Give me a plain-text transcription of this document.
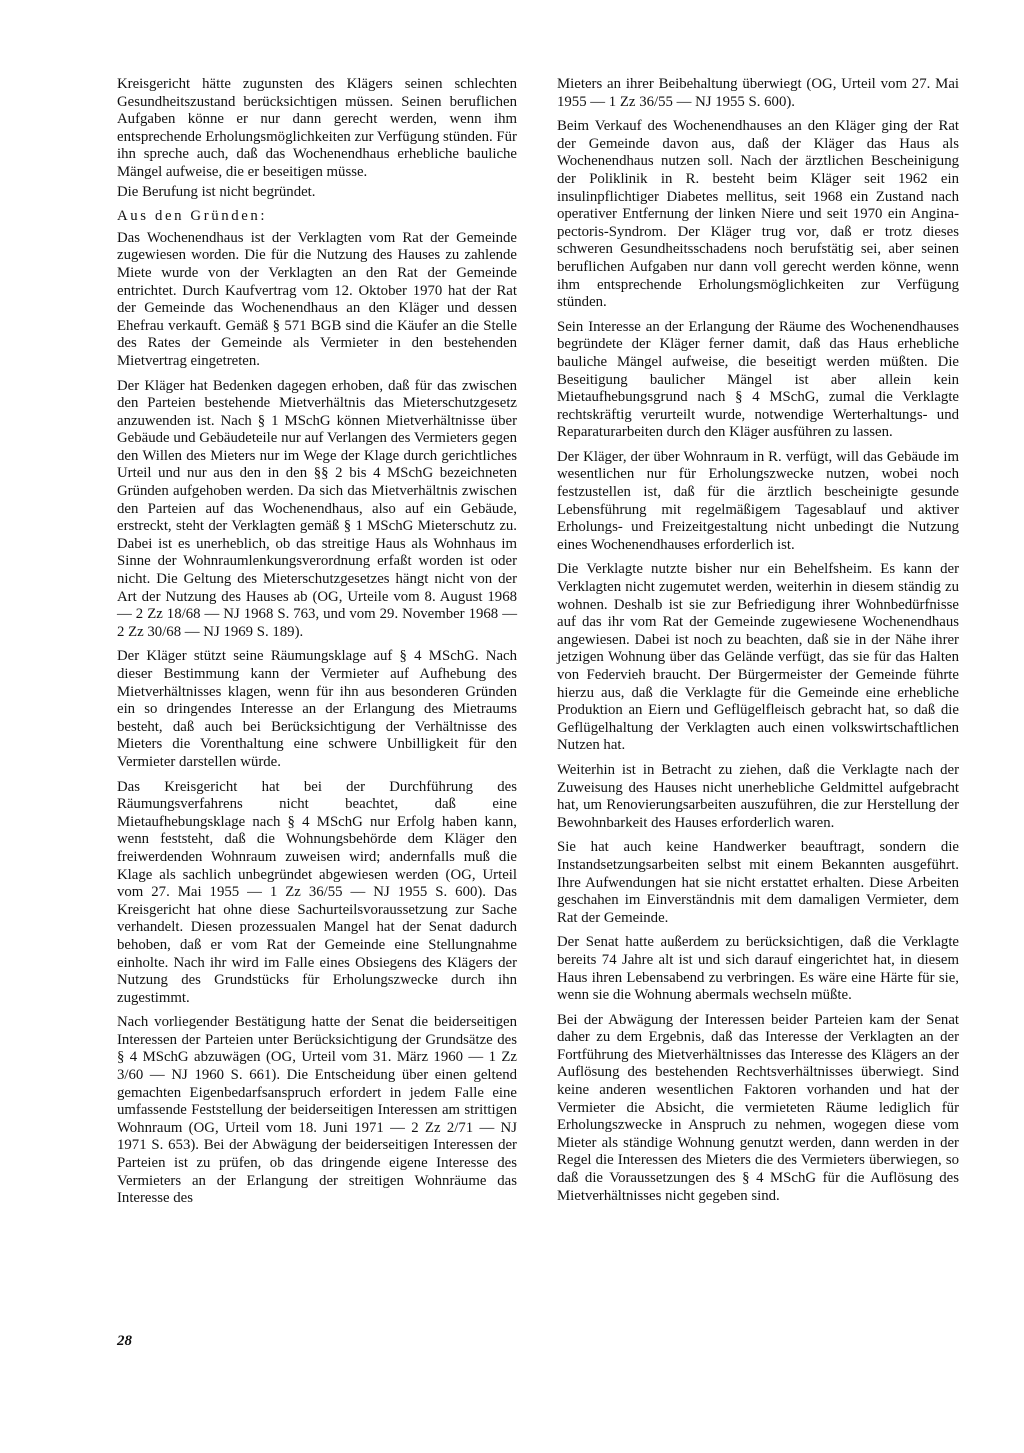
Kreisgericht hätte zugunsten des Klägers seinen schlechten Gesundheitszustand berücksichtigen müssen. Seinen beruflichen Aufgaben könne er nur dann gerecht werden, wenn ihm entsprechende Erholungsmöglichkeiten zur Verfügung stünden. Für ihn spreche auch, daß das Wochenendhaus erhebliche bauliche Mängel aufweise, die er beseitigen müsse.

Die Berufung ist nicht begründet.

Aus den Gründen:

Das Wochenendhaus ist der Verklagten vom Rat der Gemeinde zugewiesen worden. Die für die Nutzung des Hauses zu zahlende Miete wurde von der Verklagten an den Rat der Gemeinde entrichtet. Durch Kaufvertrag vom 12. Oktober 1970 hat der Rat der Gemeinde das Wochenendhaus an den Kläger und dessen Ehefrau verkauft. Gemäß § 571 BGB sind die Käufer an die Stelle des Rates der Gemeinde als Vermieter in den bestehenden Mietvertrag eingetreten.

Der Kläger hat Bedenken dagegen erhoben, daß für das zwischen den Parteien bestehende Mietverhältnis das Mieterschutzgesetz anzuwenden ist. Nach § 1 MSchG können Mietverhältnisse über Gebäude und Gebäudeteile nur auf Verlangen des Vermieters gegen den Willen des Mieters nur im Wege der Klage durch gerichtliches Urteil und nur aus den in den §§ 2 bis 4 MSchG bezeichneten Gründen aufgehoben werden. Da sich das Mietverhältnis zwischen den Parteien auf das Wochenendhaus, also auf ein Gebäude, erstreckt, steht der Verklagten gemäß § 1 MSchG Mieterschutz zu. Dabei ist es unerheblich, ob das streitige Haus als Wohnhaus im Sinne der Wohnraumlenkungsverordnung erfaßt worden ist oder nicht. Die Geltung des Mieterschutzgesetzes hängt nicht von der Art der Nutzung des Hauses ab (OG, Urteile vom 8. August 1968 — 2 Zz 18/68 — NJ 1968 S. 763, und vom 29. November 1968 — 2 Zz 30/68 — NJ 1969 S. 189).

Der Kläger stützt seine Räumungsklage auf § 4 MSchG. Nach dieser Bestimmung kann der Vermieter auf Aufhebung des Mietverhältnisses klagen, wenn für ihn aus besonderen Gründen ein so dringendes Interesse an der Erlangung des Mietraums besteht, daß auch bei Berücksichtigung der Verhältnisse des Mieters die Vorenthaltung eine schwere Unbilligkeit für den Vermieter darstellen würde.

Das Kreisgericht hat bei der Durchführung des Räumungsverfahrens nicht beachtet, daß eine Mietaufhebungsklage nach § 4 MSchG nur Erfolg haben kann, wenn feststeht, daß die Wohnungsbehörde dem Kläger den freiwerdenden Wohnraum zuweisen wird; andernfalls muß die Klage als sachlich unbegründet abgewiesen werden (OG, Urteil vom 27. Mai 1955 — 1 Zz 36/55 — NJ 1955 S. 600). Das Kreisgericht hat ohne diese Sachurteilsvoraussetzung zur Sache verhandelt. Diesen prozessualen Mangel hat der Senat dadurch behoben, daß er vom Rat der Gemeinde eine Stellungnahme einholte. Nach ihr wird im Falle eines Obsiegens des Klägers der Nutzung des Grundstücks für Erholungszwecke durch ihn zugestimmt.

Nach vorliegender Bestätigung hatte der Senat die beiderseitigen Interessen der Parteien unter Berücksichtigung der Grundsätze des § 4 MSchG abzuwägen (OG, Urteil vom 31. März 1960 — 1 Zz 3/60 — NJ 1960 S. 661). Die Entscheidung über einen geltend gemachten Eigenbedarfsanspruch erfordert in jedem Falle eine umfassende Feststellung der beiderseitigen Interessen am strittigen Wohnraum (OG, Urteil vom 18. Juni 1971 — 2 Zz 2/71 — NJ 1971 S. 653). Bei der Abwägung der beiderseitigen Interessen der Parteien ist zu prüfen, ob das dringende eigene Interesse des Vermieters an der Erlangung der streitigen Wohnräume das Interesse des

Mieters an ihrer Beibehaltung überwiegt (OG, Urteil vom 27. Mai 1955 — 1 Zz 36/55 — NJ 1955 S. 600).

Beim Verkauf des Wochenendhauses an den Kläger ging der Rat der Gemeinde davon aus, daß der Kläger das Haus als Wochenendhaus nutzen soll. Nach der ärztlichen Bescheinigung der Poliklinik in R. besteht beim Kläger seit 1962 ein insulinpflichtiger Diabetes mellitus, seit 1968 ein Zustand nach operativer Entfernung der linken Niere und seit 1970 ein Angina-pectoris-Syndrom. Der Kläger trug vor, daß er trotz dieses schweren Gesundheitsschadens noch berufstätig sei, aber seinen beruflichen Aufgaben nur dann voll gerecht werden könne, wenn ihm entsprechende Erholungsmöglichkeiten zur Verfügung stünden.

Sein Interesse an der Erlangung der Räume des Wochenendhauses begründete der Kläger ferner damit, daß das Haus erhebliche bauliche Mängel aufweise, die beseitigt werden müßten. Die Beseitigung baulicher Mängel ist aber allein kein Mietaufhebungsgrund nach § 4 MSchG, zumal die Verklagte rechtskräftig verurteilt wurde, notwendige Werterhaltungs- und Reparaturarbeiten durch den Kläger ausführen zu lassen.

Der Kläger, der über Wohnraum in R. verfügt, will das Gebäude im wesentlichen nur für Erholungszwecke nutzen, wobei noch festzustellen ist, daß für die ärztlich bescheinigte gesunde Lebensführung mit regelmäßigem Tagesablauf und aktiver Erholungs- und Freizeitgestaltung nicht unbedingt die Nutzung eines Wochenendhauses erforderlich ist.

Die Verklagte nutzte bisher nur ein Behelfsheim. Es kann der Verklagten nicht zugemutet werden, weiterhin in diesem ständig zu wohnen. Deshalb ist sie zur Befriedigung ihrer Wohnbedürfnisse auf das ihr vom Rat der Gemeinde zugewiesene Wochenendhaus angewiesen. Dabei ist noch zu beachten, daß sie in der Nähe ihrer jetzigen Wohnung über das Gelände verfügt, das sie für das Halten von Federvieh braucht. Der Bürgermeister der Gemeinde führte hierzu aus, daß die Verklagte für die Gemeinde eine erhebliche Produktion an Eiern und Geflügelfleisch gebracht hat, so daß die Geflügelhaltung der Verklagten auch einen volkswirtschaftlichen Nutzen hat.

Weiterhin ist in Betracht zu ziehen, daß die Verklagte nach der Zuweisung des Hauses nicht unerhebliche Geldmittel aufgebracht hat, um Renovierungsarbeiten auszuführen, die zur Herstellung der Bewohnbarkeit des Hauses erforderlich waren.

Sie hat auch keine Handwerker beauftragt, sondern die Instandsetzungsarbeiten selbst mit einem Bekannten ausgeführt. Ihre Aufwendungen hat sie nicht erstattet erhalten. Diese Arbeiten geschahen im Einverständnis mit dem damaligen Vermieter, dem Rat der Gemeinde.

Der Senat hatte außerdem zu berücksichtigen, daß die Verklagte bereits 74 Jahre alt ist und sich darauf eingerichtet hat, in diesem Haus ihren Lebensabend zu verbringen. Es wäre eine Härte für sie, wenn sie die Wohnung abermals wechseln müßte.

Bei der Abwägung der Interessen beider Parteien kam der Senat daher zu dem Ergebnis, daß das Interesse der Verklagten an der Fortführung des Mietverhältnisses das Interesse des Klägers an der Auflösung des bestehenden Rechtsverhältnisses überwiegt. Sind keine anderen wesentlichen Faktoren vorhanden und hat der Vermieter die Absicht, die vermieteten Räume lediglich für Erholungszwecke in Anspruch zu nehmen, wogegen diese vom Mieter als ständige Wohnung genutzt werden, dann werden in der Regel die Interessen des Mieters die des Vermieters überwiegen, so daß die Voraussetzungen des § 4 MSchG für die Auflösung des Mietverhältnisses nicht gegeben sind.

28
